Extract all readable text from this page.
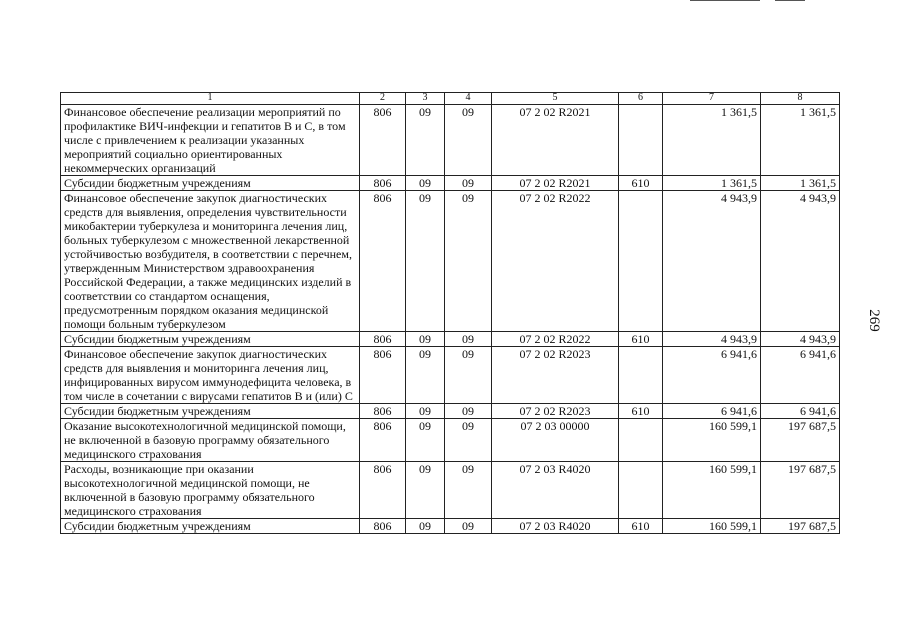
1	2	3	4	5	6	7	8
Финансовое обеспечение реализации мероприятий по профилактике ВИЧ-инфекции и гепатитов В и С, в том числе с привлечением к реализации указанных мероприятий социально ориентированных некоммерческих организаций	806	09	09	07 2 02 R2021		1 361,5	1 361,5
Субсидии бюджетным учреждениям	806	09	09	07 2 02 R2021	610	1 361,5	1 361,5
Финансовое обеспечение закупок диагностических средств для выявления, определения чувствительности микобактерии туберкулеза и мониторинга лечения лиц, больных туберкулезом с множественной лекарственной устойчивостью возбудителя, в соответствии с перечнем, утвержденным Министерством здравоохранения Российской Федерации, а также медицинских изделий в соответствии со стандартом оснащения, предусмотренным порядком оказания медицинской помощи больным туберкулезом	806	09	09	07 2 02 R2022		4 943,9	4 943,9
Субсидии бюджетным учреждениям	806	09	09	07 2 02 R2022	610	4 943,9	4 943,9
Финансовое обеспечение закупок диагностических средств для выявления и мониторинга лечения лиц, инфицированных вирусом иммунодефицита человека, в том числе в сочетании с вирусами гепатитов В и (или) С	806	09	09	07 2 02 R2023		6 941,6	6 941,6
Субсидии бюджетным учреждениям	806	09	09	07 2 02 R2023	610	6 941,6	6 941,6
Оказание высокотехнологичной медицинской помощи, не включенной в базовую программу обязательного медицинского страхования	806	09	09	07 2 03 00000		160 599,1	197 687,5
Расходы, возникающие при оказании высокотехнологичной медицинской помощи, не включенной в базовую программу обязательного медицинского страхования	806	09	09	07 2 03 R4020		160 599,1	197 687,5
Субсидии бюджетным учреждениям	806	09	09	07 2 03 R4020	610	160 599,1	197 687,5
269
